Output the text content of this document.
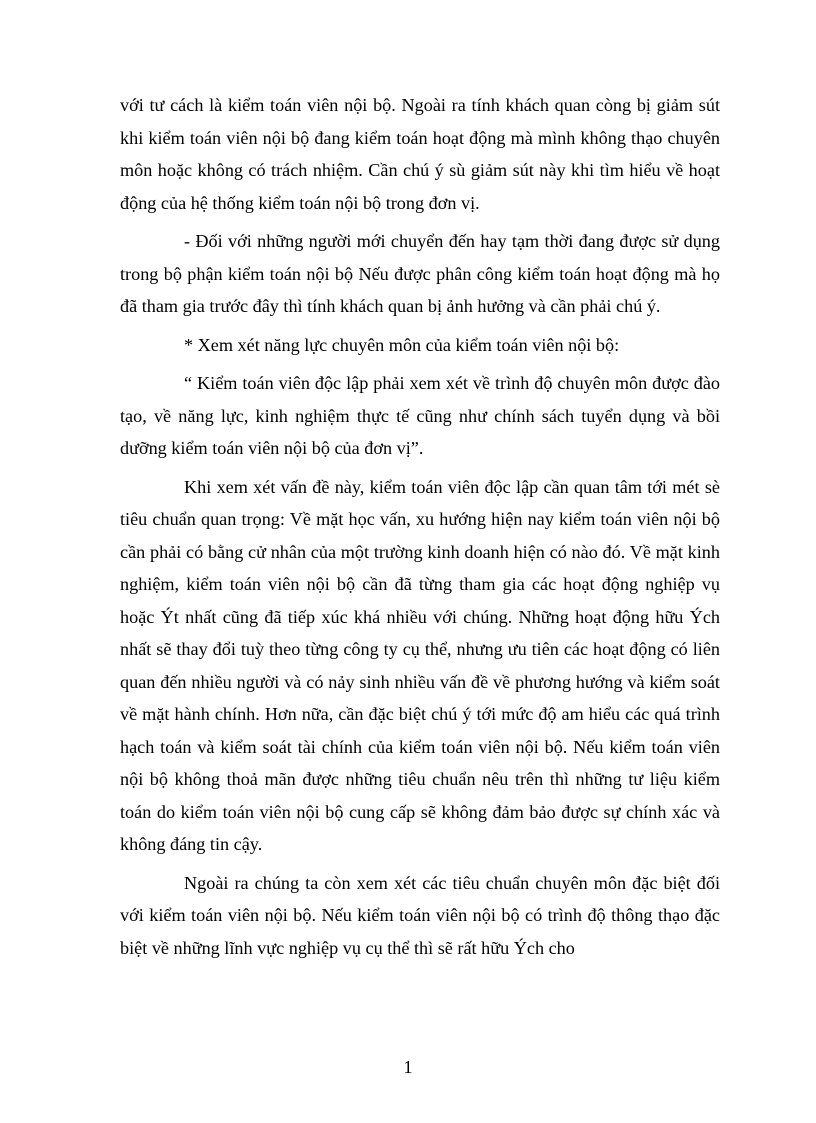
với tư cách là kiểm toán viên nội bộ. Ngoài ra tính khách quan còng bị giảm sút khi kiểm toán viên nội bộ đang kiểm toán hoạt động mà mình không thạo chuyên môn hoặc không có trách nhiệm. Cần chú ý sù giảm sút này khi tìm hiểu về hoạt động của hệ thống kiểm toán nội bộ trong đơn vị.

- Đối với những người mới chuyển đến hay tạm thời đang được sử dụng trong bộ phận kiểm toán nội bộ Nếu được phân công kiểm toán hoạt động mà họ đã tham gia trước đây thì tính khách quan bị ảnh hưởng và cần phải chú ý.

* Xem xét năng lực chuyên môn của kiểm toán viên nội bộ:

“ Kiểm toán viên độc lập phải xem xét về trình độ chuyên môn được đào tạo, về năng lực, kinh nghiệm thực tế cũng như chính sách tuyển dụng và bồi dưỡng kiểm toán viên nội bộ của đơn vị”.

Khi xem xét vấn đề này, kiểm toán viên độc lập cần quan tâm tới mét sè tiêu chuẩn quan trọng: Về mặt học vấn, xu hướng hiện nay kiểm toán viên nội bộ cần phải có bằng cử nhân của một trường kinh doanh hiện có nào đó. Về mặt kinh nghiệm, kiểm toán viên nội bộ cần đã từng tham gia các hoạt động nghiệp vụ hoặc Ýt nhất cũng đã tiếp xúc khá nhiều với chúng. Những hoạt động hữu Ých nhất sẽ thay đổi tuỳ theo từng công ty cụ thể, nhưng ưu tiên các hoạt động có liên quan đến nhiều người và có nảy sinh nhiều vấn đề về phương hướng và kiểm soát về mặt hành chính. Hơn nữa, cần đặc biệt chú ý tới mức độ am hiểu các quá trình hạch toán và kiểm soát tài chính của kiểm toán viên nội bộ. Nếu kiểm toán viên nội bộ không thoả mãn được những tiêu chuẩn nêu trên thì những tư liệu kiểm toán do kiểm toán viên nội bộ cung cấp sẽ không đảm bảo được sự chính xác và không đáng tin cậy.

Ngoài ra chúng ta còn xem xét các tiêu chuẩn chuyên môn đặc biệt đối với kiểm toán viên nội bộ. Nếu kiểm toán viên nội bộ có trình độ thông thạo đặc biệt về những lĩnh vực nghiệp vụ cụ thể thì sẽ rất hữu Ých cho

1
